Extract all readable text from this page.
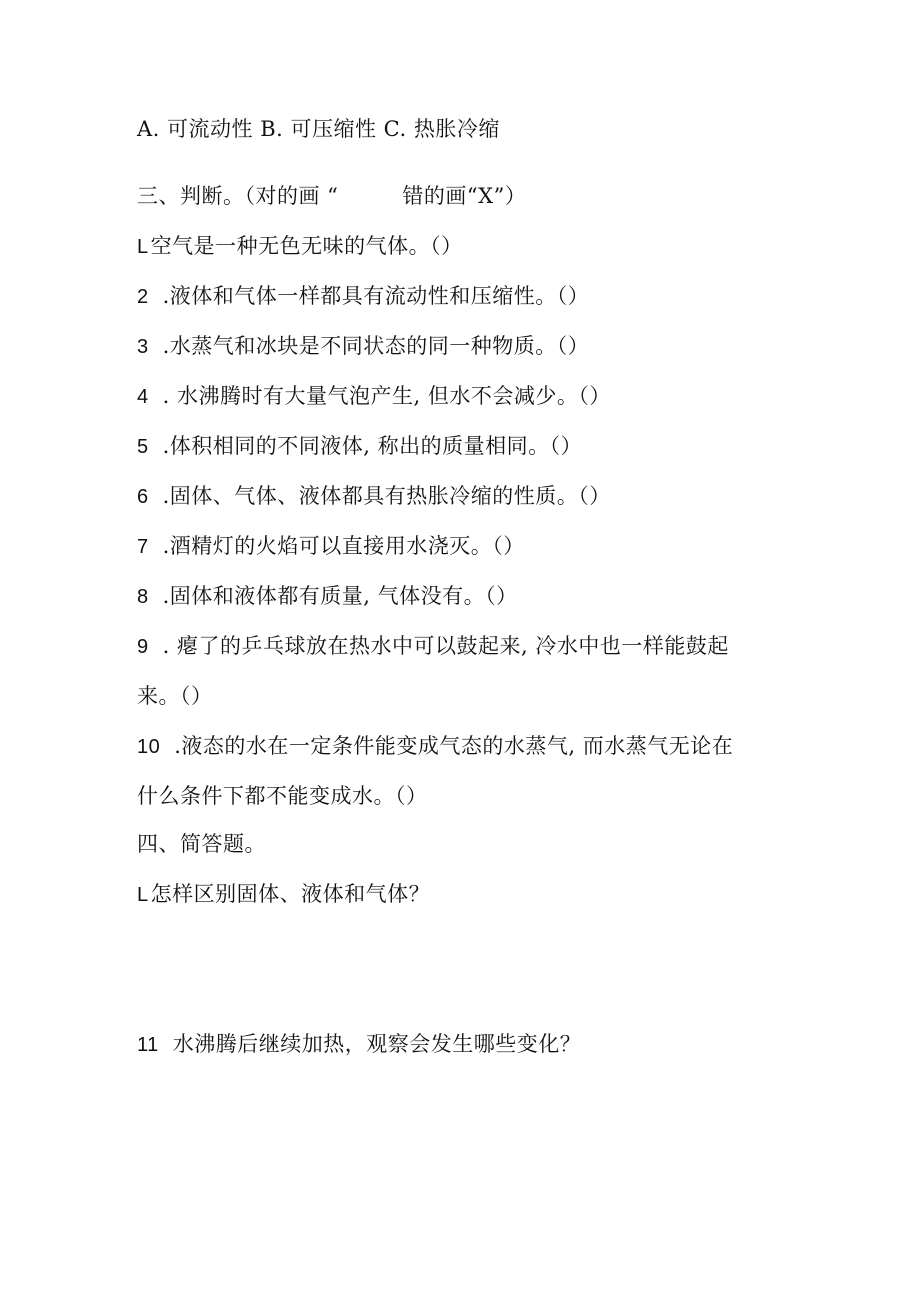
A. 可流动性 B. 可压缩性 C. 热胀冷缩
三、判断。（对的画 “	错的画“X”）
L空气是一种无色无味的气体。（）
2 .液体和气体一样都具有流动性和压缩性。（）
3 .水蒸气和冰块是不同状态的同一种物质。（）
4 . 水沸腾时有大量气泡产生, 但水不会减少。（）
5 .体积相同的不同液体, 称出的质量相同。（）
6 .固体、气体、液体都具有热胀冷缩的性质。（）
7 .酒精灯的火焰可以直接用水浇灭。（）
8 .固体和液体都有质量, 气体没有。（）
9 . 瘪了的乒乓球放在热水中可以鼓起来, 冷水中也一样能鼓起
来。（）
10 .液态的水在一定条件能变成气态的水蒸气, 而水蒸气无论在
什么条件下都不能变成水。（）
四、简答题。
L怎样区别固体、液体和气体？
11 水沸腾后继续加热，观察会发生哪些变化？
